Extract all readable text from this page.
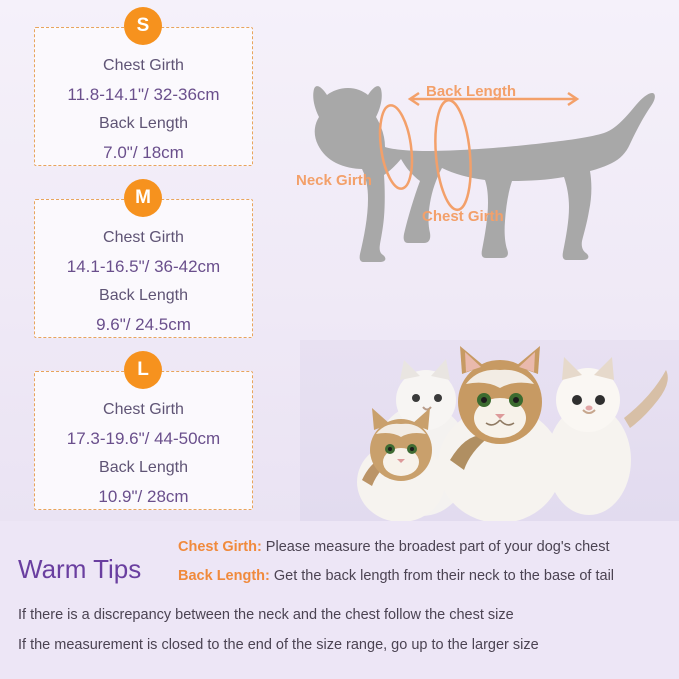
Chest Girth
11.8-14.1"/ 32-36cm
Back Length
7.0"/ 18cm
S
Chest Girth
14.1-16.5"/ 36-42cm
Back Length
9.6"/ 24.5cm
M
Chest Girth
17.3-19.6"/ 44-50cm
Back Length
10.9"/ 28cm
L
Back Length
Neck Girth
Chest Girth
Warm Tips
Chest Girth: Please measure the broadest part of your dog's chest
Back Length: Get the back length from their neck to the base of tail
If there is a discrepancy between the neck and the chest follow the chest size
If the measurement is closed to the end of the size range, go up to the larger size
